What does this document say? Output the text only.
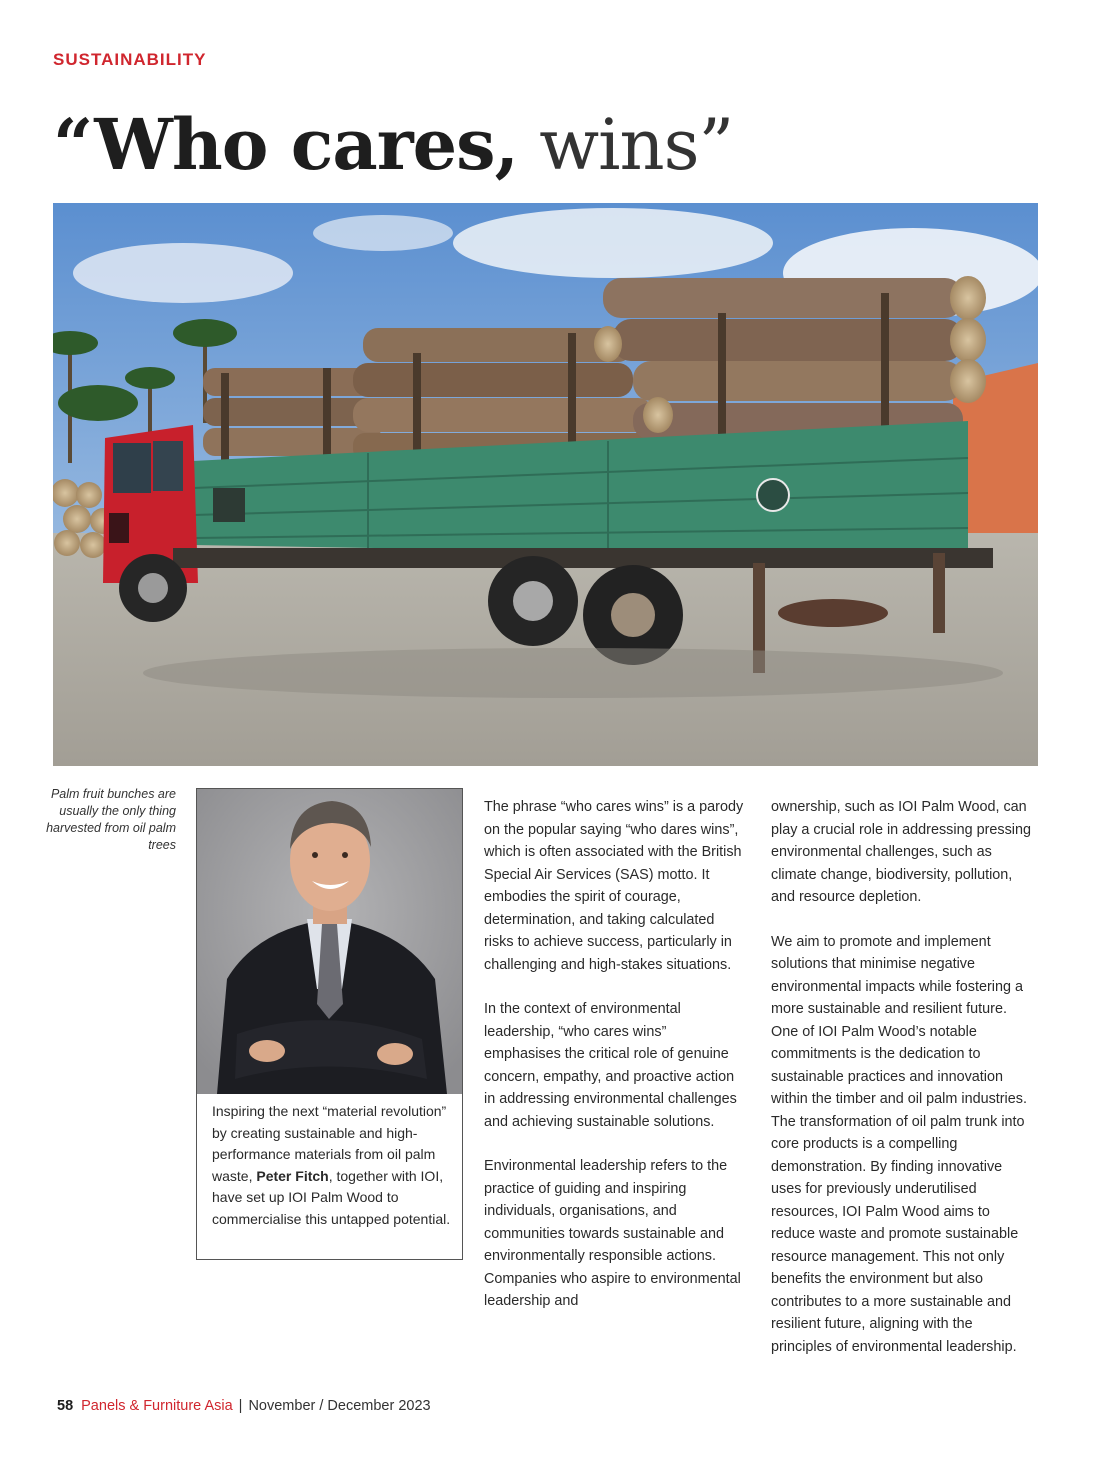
SUSTAINABILITY
“Who cares, wins”
Palm fruit bunches are usually the only thing harvested from oil palm trees

Inspiring the next “material revolution” by creating sustainable and high-performance materials from oil palm waste, Peter Fitch, together with IOI, have set up IOI Palm Wood to commercialise this untapped potential.

The phrase “who cares wins” is a parody on the popular saying “who dares wins”, which is often associated with the British Special Air Services (SAS) motto. It embodies the spirit of courage, determination, and taking calculated risks to achieve success, particularly in challenging and high-stakes situations.

In the context of environmental leadership, “who cares wins” emphasises the critical role of genuine concern, empathy, and proactive action in addressing environmental challenges and achieving sustainable solutions.

Environmental leadership refers to the practice of guiding and inspiring individuals, organisations, and communities towards sustainable and environmentally responsible actions. Companies who aspire to environmental leadership and

ownership, such as IOI Palm Wood, can play a crucial role in addressing pressing environmental challenges, such as climate change, biodiversity, pollution, and resource depletion.

We aim to promote and implement solutions that minimise negative environmental impacts while fostering a more sustainable and resilient future. One of IOI Palm Wood’s notable commitments is the dedication to sustainable practices and innovation within the timber and oil palm industries. The transformation of oil palm trunk into core products is a compelling demonstration. By finding innovative uses for previously underutilised resources, IOI Palm Wood aims to reduce waste and promote sustainable resource management. This not only benefits the environment but also contributes to a more sustainable and resilient future, aligning with the principles of environmental leadership.

58 Panels & Furniture Asia | November / December 2023
